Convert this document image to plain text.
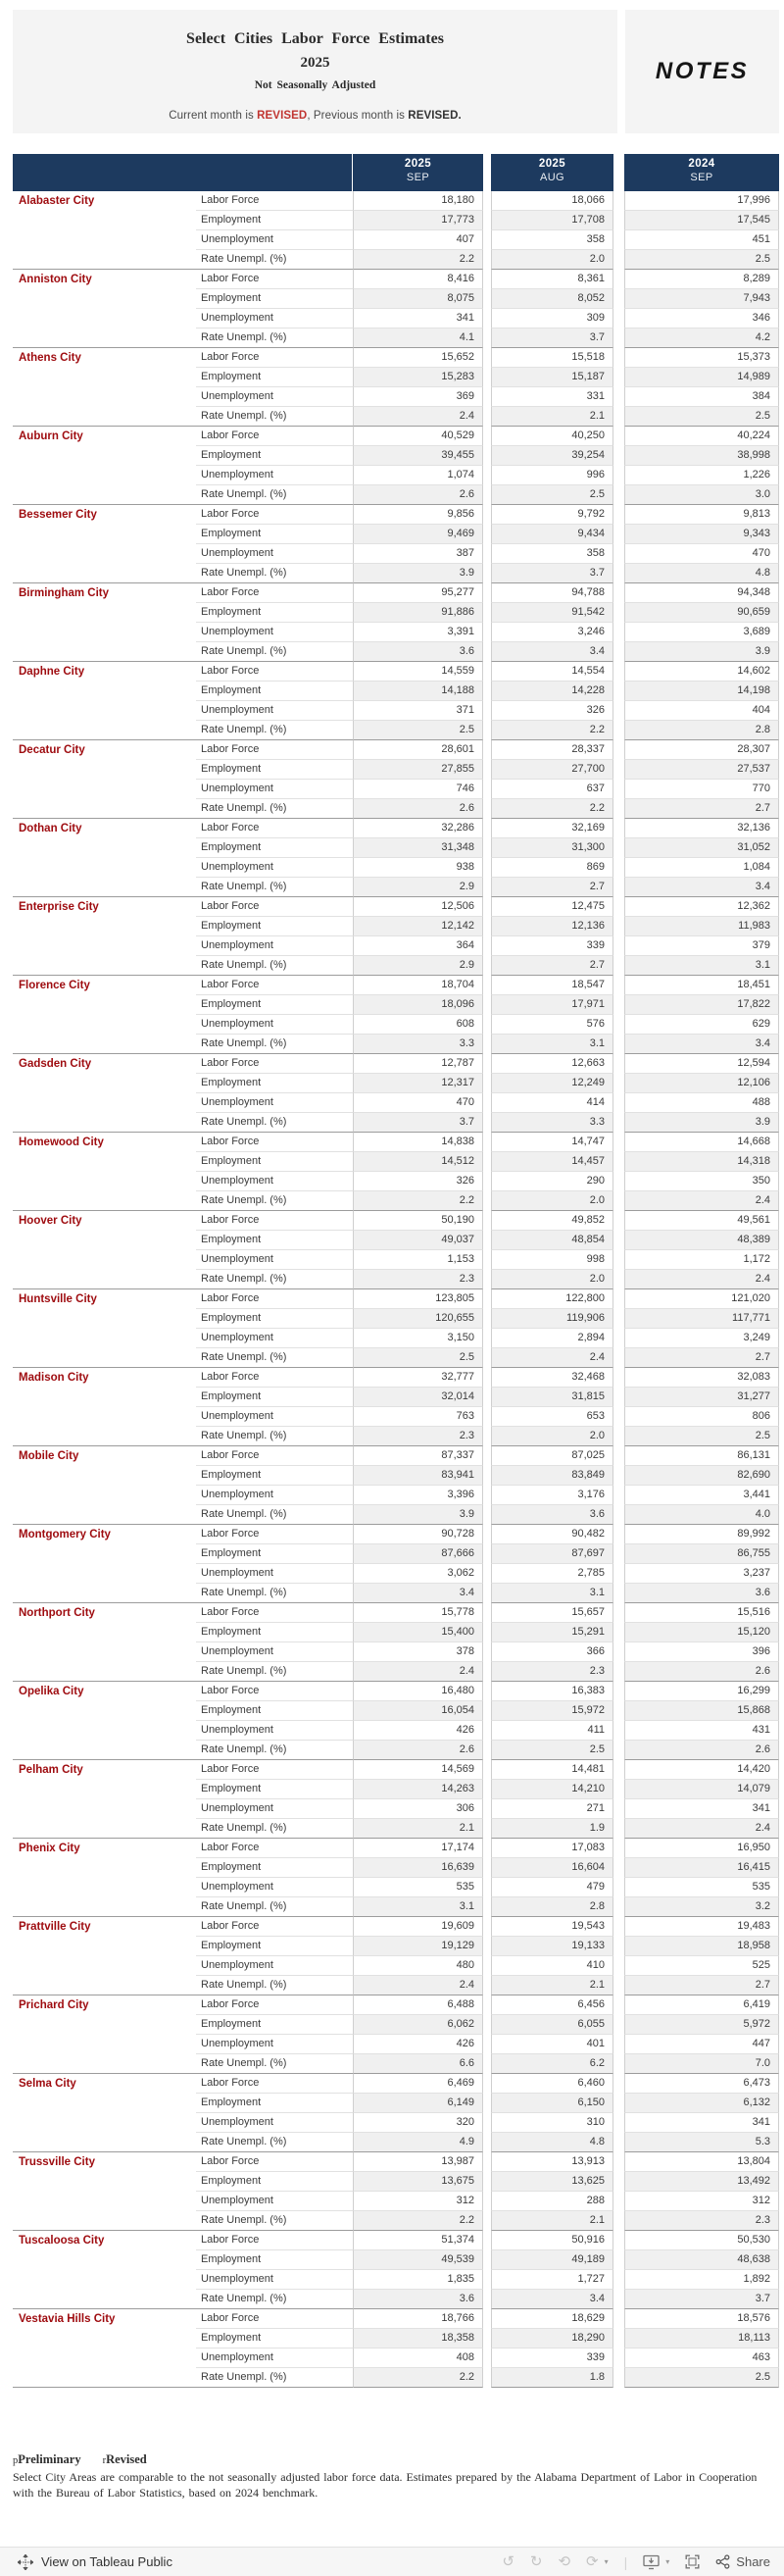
Select Cities Labor Force Estimates
2025
Not Seasonally Adjusted
Current month is REVISED, Previous month is REVISED.
NOTES
2025
SEP
2025
AUG
2024
SEP
Alabaster City	Labor Force	18,180	18,066	17,996
Employment	17,773	17,708	17,545
Unemployment	407	358	451
Rate Unempl. (%)	2.2	2.0	2.5
Anniston City	Labor Force	8,416	8,361	8,289
Employment	8,075	8,052	7,943
Unemployment	341	309	346
Rate Unempl. (%)	4.1	3.7	4.2
Athens City	Labor Force	15,652	15,518	15,373
Employment	15,283	15,187	14,989
Unemployment	369	331	384
Rate Unempl. (%)	2.4	2.1	2.5
Auburn City	Labor Force	40,529	40,250	40,224
Employment	39,455	39,254	38,998
Unemployment	1,074	996	1,226
Rate Unempl. (%)	2.6	2.5	3.0
Bessemer City	Labor Force	9,856	9,792	9,813
Employment	9,469	9,434	9,343
Unemployment	387	358	470
Rate Unempl. (%)	3.9	3.7	4.8
Birmingham City	Labor Force	95,277	94,788	94,348
Employment	91,886	91,542	90,659
Unemployment	3,391	3,246	3,689
Rate Unempl. (%)	3.6	3.4	3.9
Daphne City	Labor Force	14,559	14,554	14,602
Employment	14,188	14,228	14,198
Unemployment	371	326	404
Rate Unempl. (%)	2.5	2.2	2.8
Decatur City	Labor Force	28,601	28,337	28,307
Employment	27,855	27,700	27,537
Unemployment	746	637	770
Rate Unempl. (%)	2.6	2.2	2.7
Dothan City	Labor Force	32,286	32,169	32,136
Employment	31,348	31,300	31,052
Unemployment	938	869	1,084
Rate Unempl. (%)	2.9	2.7	3.4
Enterprise City	Labor Force	12,506	12,475	12,362
Employment	12,142	12,136	11,983
Unemployment	364	339	379
Rate Unempl. (%)	2.9	2.7	3.1
Florence City	Labor Force	18,704	18,547	18,451
Employment	18,096	17,971	17,822
Unemployment	608	576	629
Rate Unempl. (%)	3.3	3.1	3.4
Gadsden City	Labor Force	12,787	12,663	12,594
Employment	12,317	12,249	12,106
Unemployment	470	414	488
Rate Unempl. (%)	3.7	3.3	3.9
Homewood City	Labor Force	14,838	14,747	14,668
Employment	14,512	14,457	14,318
Unemployment	326	290	350
Rate Unempl. (%)	2.2	2.0	2.4
Hoover City	Labor Force	50,190	49,852	49,561
Employment	49,037	48,854	48,389
Unemployment	1,153	998	1,172
Rate Unempl. (%)	2.3	2.0	2.4
Huntsville City	Labor Force	123,805	122,800	121,020
Employment	120,655	119,906	117,771
Unemployment	3,150	2,894	3,249
Rate Unempl. (%)	2.5	2.4	2.7
Madison City	Labor Force	32,777	32,468	32,083
Employment	32,014	31,815	31,277
Unemployment	763	653	806
Rate Unempl. (%)	2.3	2.0	2.5
Mobile City	Labor Force	87,337	87,025	86,131
Employment	83,941	83,849	82,690
Unemployment	3,396	3,176	3,441
Rate Unempl. (%)	3.9	3.6	4.0
Montgomery City	Labor Force	90,728	90,482	89,992
Employment	87,666	87,697	86,755
Unemployment	3,062	2,785	3,237
Rate Unempl. (%)	3.4	3.1	3.6
Northport City	Labor Force	15,778	15,657	15,516
Employment	15,400	15,291	15,120
Unemployment	378	366	396
Rate Unempl. (%)	2.4	2.3	2.6
Opelika City	Labor Force	16,480	16,383	16,299
Employment	16,054	15,972	15,868
Unemployment	426	411	431
Rate Unempl. (%)	2.6	2.5	2.6
Pelham City	Labor Force	14,569	14,481	14,420
Employment	14,263	14,210	14,079
Unemployment	306	271	341
Rate Unempl. (%)	2.1	1.9	2.4
Phenix City	Labor Force	17,174	17,083	16,950
Employment	16,639	16,604	16,415
Unemployment	535	479	535
Rate Unempl. (%)	3.1	2.8	3.2
Prattville City	Labor Force	19,609	19,543	19,483
Employment	19,129	19,133	18,958
Unemployment	480	410	525
Rate Unempl. (%)	2.4	2.1	2.7
Prichard City	Labor Force	6,488	6,456	6,419
Employment	6,062	6,055	5,972
Unemployment	426	401	447
Rate Unempl. (%)	6.6	6.2	7.0
Selma City	Labor Force	6,469	6,460	6,473
Employment	6,149	6,150	6,132
Unemployment	320	310	341
Rate Unempl. (%)	4.9	4.8	5.3
Trussville City	Labor Force	13,987	13,913	13,804
Employment	13,675	13,625	13,492
Unemployment	312	288	312
Rate Unempl. (%)	2.2	2.1	2.3
Tuscaloosa City	Labor Force	51,374	50,916	50,530
Employment	49,539	49,189	48,638
Unemployment	1,835	1,727	1,892
Rate Unempl. (%)	3.6	3.4	3.7
Vestavia Hills City	Labor Force	18,766	18,629	18,576
Employment	18,358	18,290	18,113
Unemployment	408	339	463
Rate Unempl. (%)	2.2	1.8	2.5
pPreliminary rRevised
Select City Areas are comparable to the not seasonally adjusted labor force data. Estimates prepared by the Alabama Department of Labor in Cooperation with the Bureau of Labor Statistics, based on 2024 benchmark.
View on Tableau Public	↺ ↻ ⟲ ⟳ ▾ |	▾	Share
